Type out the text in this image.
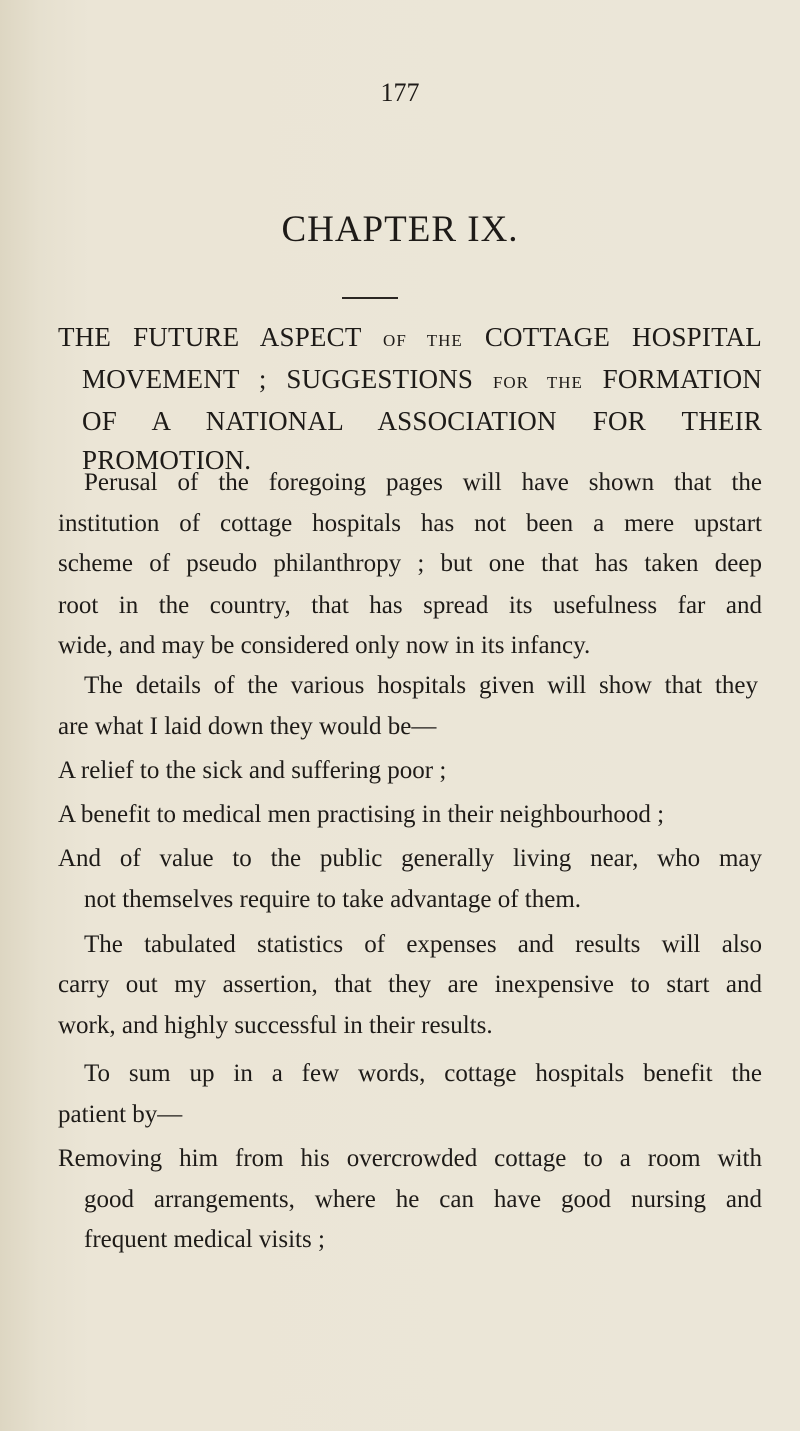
177
CHAPTER IX.
THE FUTURE ASPECT OF THE COTTAGE HOSPITAL
MOVEMENT ; SUGGESTIONS FOR THE FORMATION
OF A NATIONAL ASSOCIATION FOR THEIR
PROMOTION.
Perusal of the foregoing pages will have shown that the
institution of cottage hospitals has not been a mere upstart
scheme of pseudo philanthropy ; but one that has taken deep
root in the country, that has spread its usefulness far and
wide, and may be considered only now in its infancy.
The details of the various hospitals given will show that they
are what I laid down they would be—
A relief to the sick and suffering poor ;
A benefit to medical men practising in their neighbourhood ;
And of value to the public generally living near, who may
not themselves require to take advantage of them.
The tabulated statistics of expenses and results will also
carry out my assertion, that they are inexpensive to start and
work, and highly successful in their results.
To sum up in a few words, cottage hospitals benefit the
patient by—
Removing him from his overcrowded cottage to a room with
good arrangements, where he can have good nursing and
frequent medical visits ;
